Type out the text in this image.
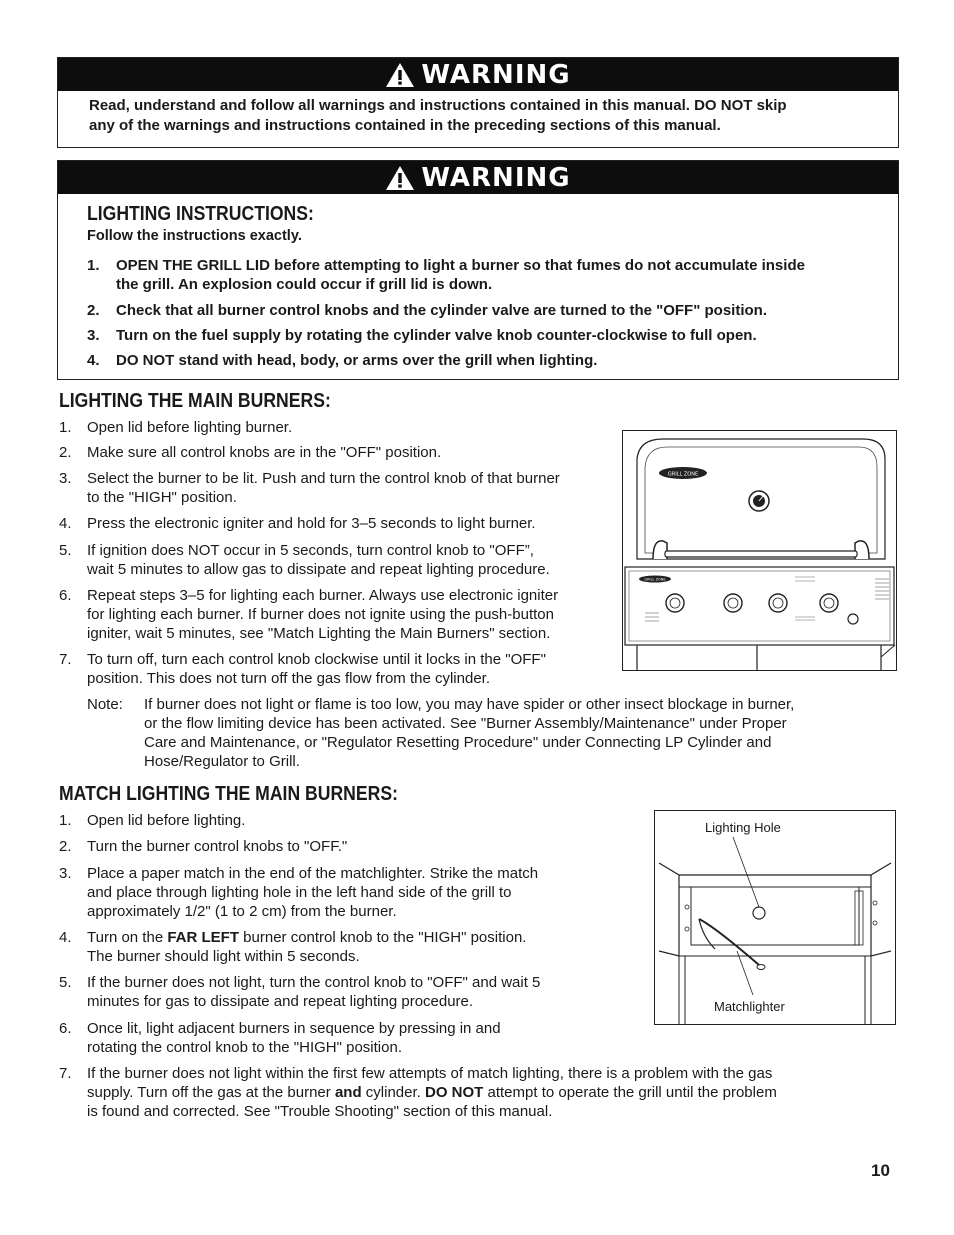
WARNING
Read, understand and follow all warnings and instructions contained in this manual. DO NOT skip
any of the warnings and instructions contained in the preceding sections of this manual.
WARNING
LIGHTING INSTRUCTIONS:
Follow the instructions exactly.
1. OPEN THE GRILL LID before attempting to light a burner so that fumes do not accumulate inside
the grill. An explosion could occur if grill lid is down.
2. Check that all burner control knobs and the cylinder valve are turned to the "OFF" position.
3. Turn on the fuel supply by rotating the cylinder valve knob counter-clockwise to full open.
4. DO NOT stand with head, body, or arms over the grill when lighting.
LIGHTING THE MAIN BURNERS:
1. Open lid before lighting burner.
2. Make sure all control knobs are in the "OFF" position.
3. Select the burner to be lit. Push and turn the control knob of that burner
to the "HIGH" position.
4. Press the electronic igniter and hold for 3–5 seconds to light burner.
5. If ignition does NOT occur in 5 seconds, turn control knob to "OFF”,
wait 5 minutes to allow gas to dissipate and repeat lighting procedure.
6. Repeat steps 3–5 for lighting each burner. Always use electronic igniter
for lighting each burner. If burner does not ignite using the push-button
igniter, wait 5 minutes, see "Match Lighting the Main Burners" section.
7. To turn off, turn each control knob clockwise until it locks in the "OFF"
position. This does not turn off the gas flow from the cylinder.
Note: If burner does not light or flame is too low, you may have spider or other insect blockage in burner,
or the flow limiting device has been activated. See "Burner Assembly/Maintenance" under Proper
Care and Maintenance, or "Regulator Resetting Procedure" under Connecting LP Cylinder and
Hose/Regulator to Grill.
GRILL ZONE
GRILL ZONE
MATCH LIGHTING THE MAIN BURNERS:
1. Open lid before lighting.
2. Turn the burner control knobs to "OFF."
3. Place a paper match in the end of the matchlighter. Strike the match
and place through lighting hole in the left hand side of the grill to
approximately 1/2" (1 to 2 cm) from the burner.
4. Turn on the FAR LEFT burner control knob to the "HIGH" position.
The burner should light within 5 seconds.
5. If the burner does not light, turn the control knob to "OFF" and wait 5
minutes for gas to dissipate and repeat lighting procedure.
6. Once lit, light adjacent burners in sequence by pressing in and
rotating the control knob to the "HIGH" position.
7. If the burner does not light within the first few attempts of match lighting, there is a problem with the gas
supply. Turn off the gas at the burner and cylinder. DO NOT attempt to operate the grill until the problem
is found and corrected. See "Trouble Shooting" section of this manual.
Lighting Hole
Matchlighter
10
